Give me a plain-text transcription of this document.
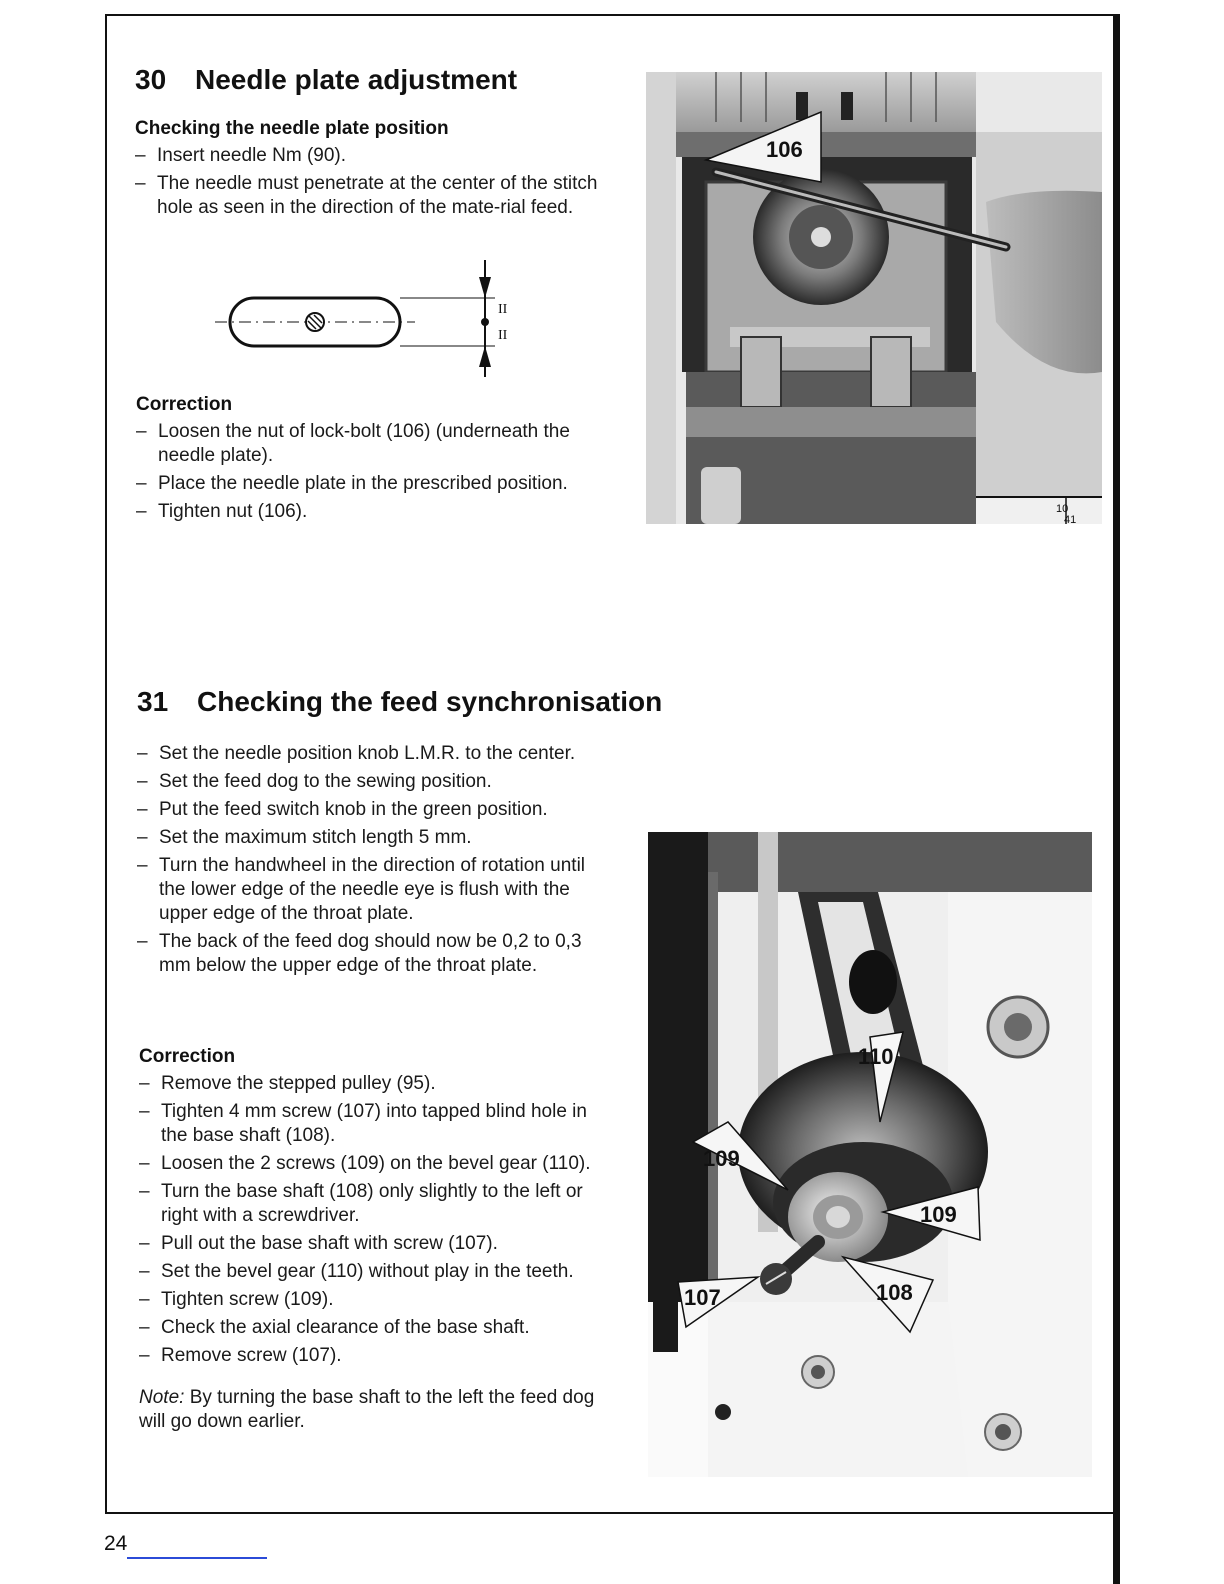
30 Needle plate adjustment
Checking the needle plate position
– Insert needle Nm (90).
– The needle must penetrate at the center of the stitch hole as seen in the direction of the mate-rial feed.
II
II
Correction
– Loosen the nut of lock-bolt (106) (underneath the needle plate).
– Place the needle plate in the prescribed position.
– Tighten nut (106).	10
41
106
31 Checking the feed synchronisation
– Set the needle position knob L.M.R. to the center.
– Set the feed dog to the sewing position.
– Put the feed switch knob in the green position.
– Set the maximum stitch length 5 mm.
– Turn the handwheel in the direction of rotation until the lower edge of the needle eye is flush with the upper edge of the throat plate.
– The back of the feed dog should now be 0,2 to 0,3 mm below the upper edge of the throat plate.
Correction
– Remove the stepped pulley (95).
– Tighten 4 mm screw (107) into tapped blind hole in the base shaft (108).
– Loosen the 2 screws (109) on the bevel gear (110).
– Turn the base shaft (108) only slightly to the left or right with a screwdriver.
– Pull out the base shaft with screw (107).
– Set the bevel gear (110) without play in the teeth.
– Tighten screw (109).
– Check the axial clearance of the base shaft.
– Remove screw (107).

Note: By turning the base shaft to the left the feed dog will go down earlier.

110
109
109
107	108
24
